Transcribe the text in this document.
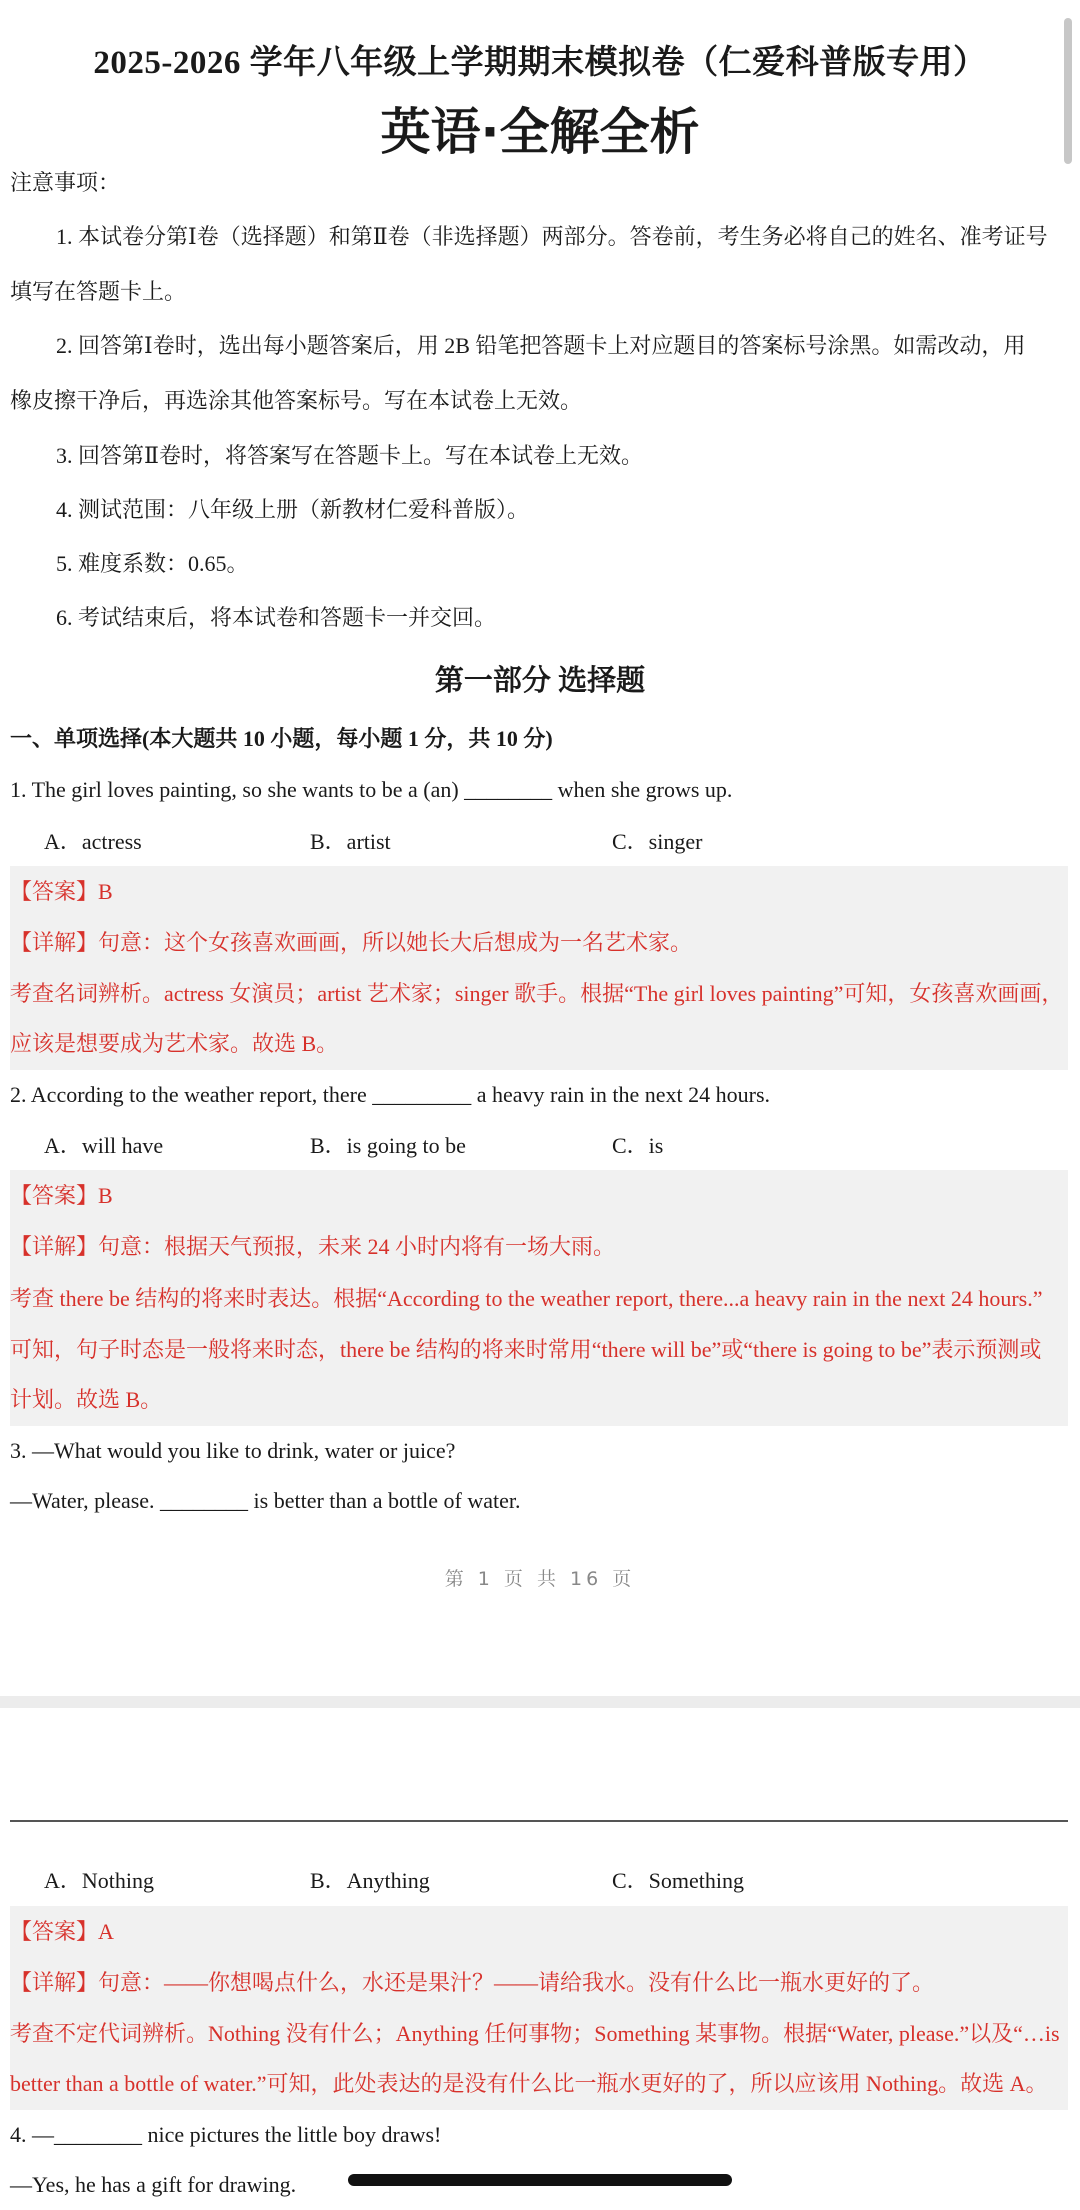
2025-2026 学年八年级上学期期末模拟卷（仁爱科普版专用）
英语·全解全析
注意事项：
1. 本试卷分第Ⅰ卷（选择题）和第Ⅱ卷（非选择题）两部分。答卷前，考生务必将自己的姓名、准考证号
填写在答题卡上。
2. 回答第Ⅰ卷时，选出每小题答案后，用 2B 铅笔把答题卡上对应题目的答案标号涂黑。如需改动，用
橡皮擦干净后，再选涂其他答案标号。写在本试卷上无效。
3. 回答第Ⅱ卷时，将答案写在答题卡上。写在本试卷上无效。
4. 测试范围：八年级上册（新教材仁爱科普版）。
5. 难度系数：0.65。
6. 考试结束后，将本试卷和答题卡一并交回。
第一部分 选择题
一、单项选择(本大题共 10 小题，每小题 1 分，共 10 分)
1. The girl loves painting, so she wants to be a (an) ________ when she grows up.
A．actress	B．artist	C．singer
【答案】B
【详解】句意：这个女孩喜欢画画，所以她长大后想成为一名艺术家。
考查名词辨析。actress 女演员；artist 艺术家；singer 歌手。根据“The girl loves painting”可知，女孩喜欢画画，
应该是想要成为艺术家。故选 B。
2. According to the weather report, there _________ a heavy rain in the next 24 hours.
A．will have	B．is going to be	C．is
【答案】B
【详解】句意：根据天气预报，未来 24 小时内将有一场大雨。
考查 there be 结构的将来时表达。根据“According to the weather report, there...a heavy rain in the next 24 hours.”
可知，句子时态是一般将来时态，there be 结构的将来时常用“there will be”或“there is going to be”表示预测或
计划。故选 B。
3. —What would you like to drink, water or juice?
—Water, please. ________ is better than a bottle of water.
第 1 页 共 16 页
A．Nothing	B．Anything	C．Something
【答案】A
【详解】句意：——你想喝点什么，水还是果汁？——请给我水。没有什么比一瓶水更好的了。
考查不定代词辨析。Nothing 没有什么；Anything 任何事物；Something 某事物。根据“Water, please.”以及“…is
better than a bottle of water.”可知，此处表达的是没有什么比一瓶水更好的了，所以应该用 Nothing。故选 A。
4. —________ nice pictures the little boy draws!
—Yes, he has a gift for drawing.
